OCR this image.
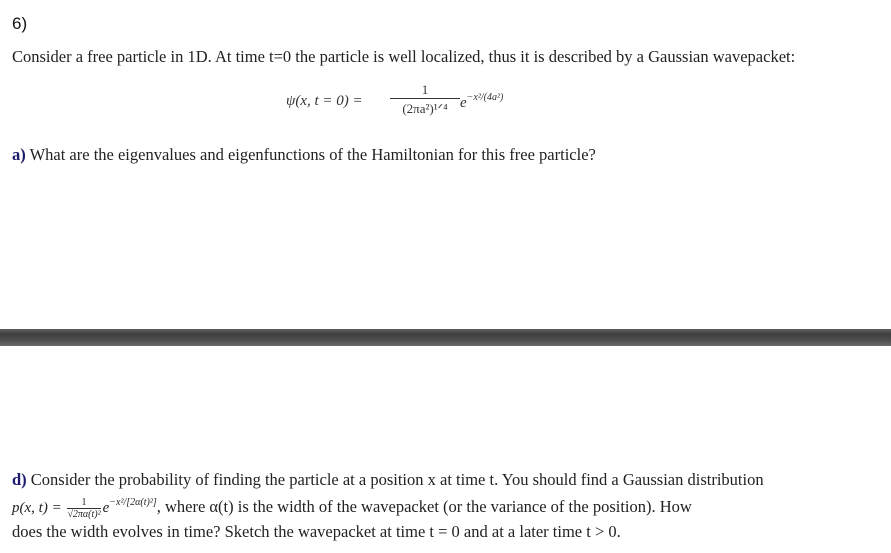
6)
Consider a free particle in 1D. At time t=0 the particle is well localized, thus it is described by a Gaussian wavepacket:
ψ(x, t = 0) =
1
(2πa²)¹ᐟ⁴ $e^{-x^2/(4a^2)}$
a) What are the eigenvalues and eigenfunctions of the Hamiltonian for this free particle?
d) Consider the probability of finding the particle at a position x at time t. You should find a Gaussian distribution
p(x, $t) = \frac{1}{\text{√2πα(t)²}} e^{-x^2/[2\alpha(t)^2]}$, where α(t) is the width of the wavepacket (or the variance of the position). How
does the width evolves in time? Sketch the wavepacket at time t = 0 and at a later time t > 0.
